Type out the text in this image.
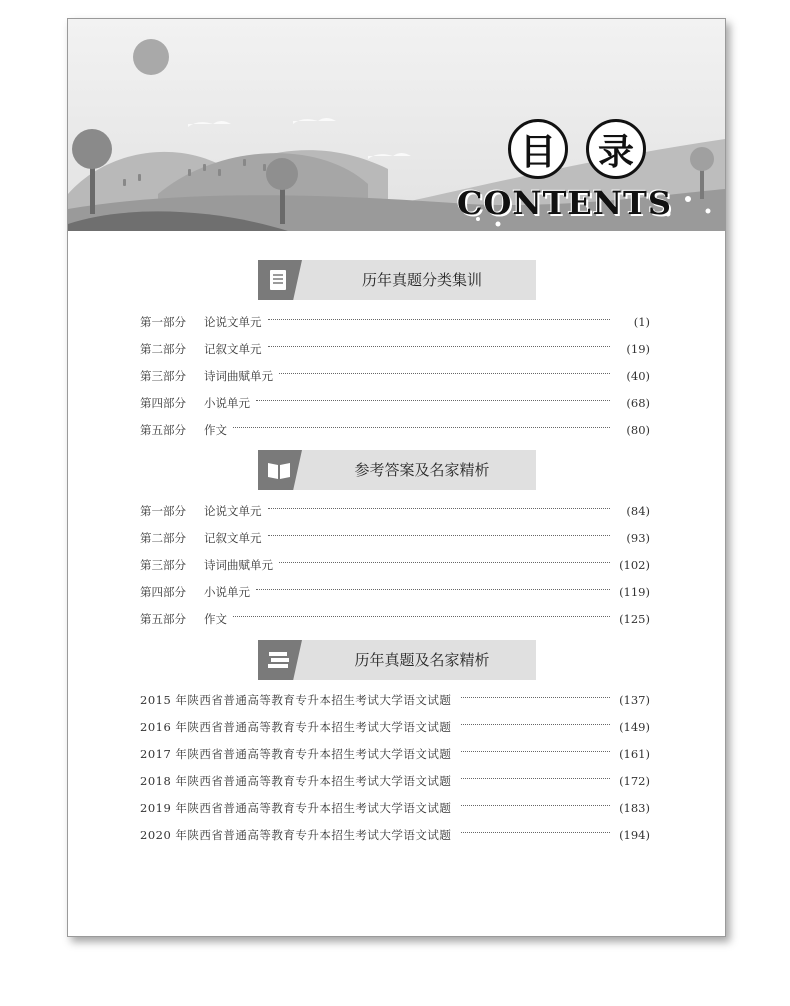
目	录
CONTENTS
历年真题分类集训
第一部分	论说文单元	(1)
第二部分	记叙文单元	(19)
第三部分	诗词曲赋单元	(40)
第四部分	小说单元	(68)
第五部分	作文	(80)
参考答案及名家精析
第一部分	论说文单元	(84)
第二部分	记叙文单元	(93)
第三部分	诗词曲赋单元	(102)
第四部分	小说单元	(119)
第五部分	作文	(125)
历年真题及名家精析
2015 年陕西省普通高等教育专升本招生考试大学语文试题	(137)
2016 年陕西省普通高等教育专升本招生考试大学语文试题	(149)
2017 年陕西省普通高等教育专升本招生考试大学语文试题	(161)
2018 年陕西省普通高等教育专升本招生考试大学语文试题	(172)
2019 年陕西省普通高等教育专升本招生考试大学语文试题	(183)
2020 年陕西省普通高等教育专升本招生考试大学语文试题	(194)
